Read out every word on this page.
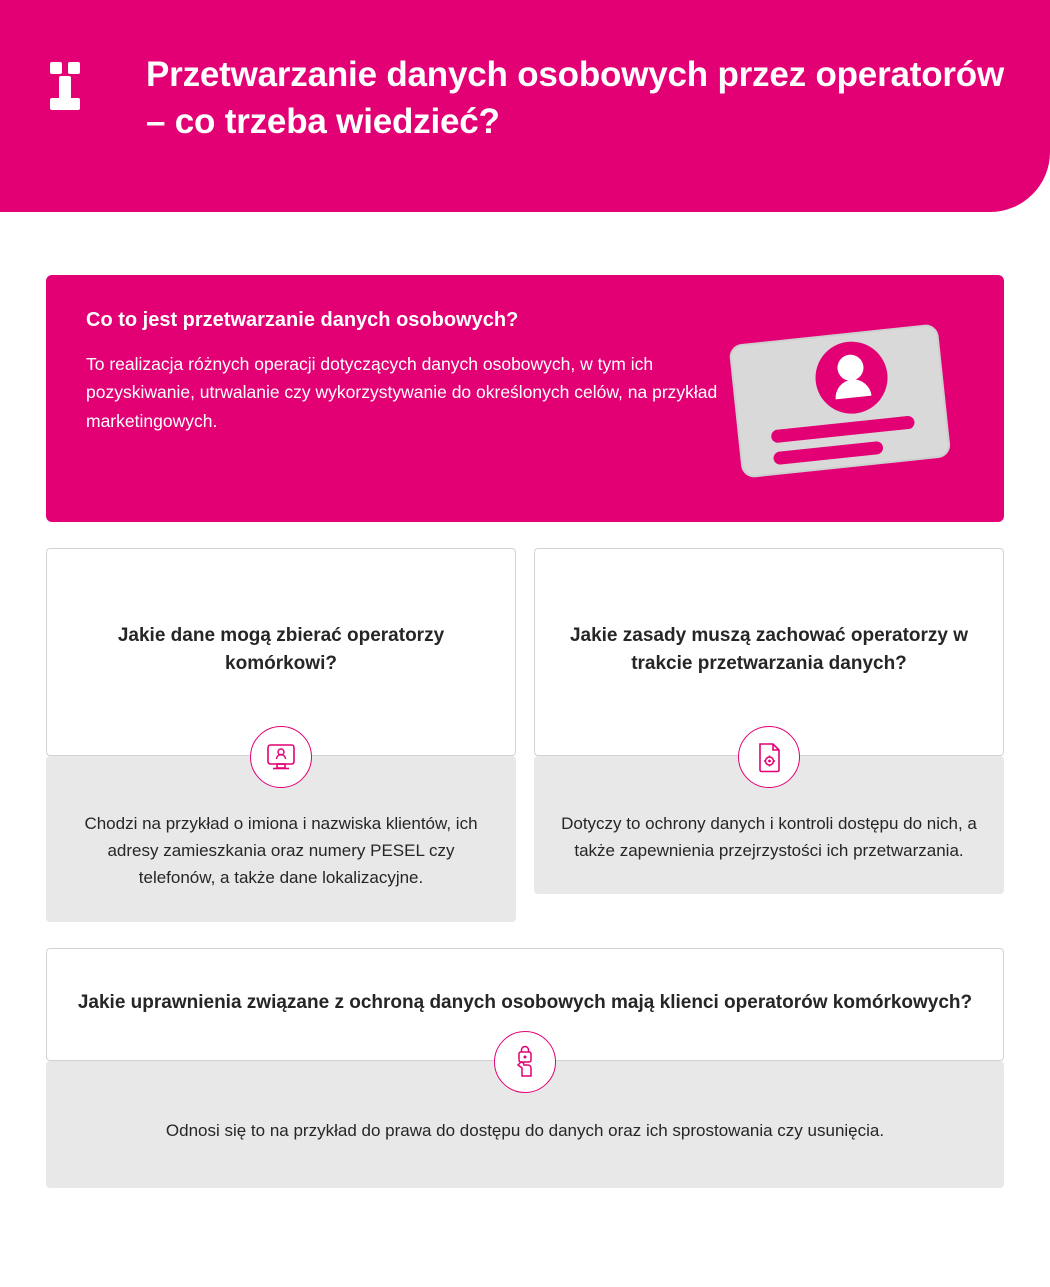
Przetwarzanie danych osobowych przez operatorów – co trzeba wiedzieć?
Co to jest przetwarzanie danych osobowych?
To realizacja różnych operacji dotyczących danych osobowych, w tym ich pozyskiwanie, utrwalanie czy wykorzystywanie do określonych celów, na przykład marketingowych.
Jakie dane mogą zbierać operatorzy komórkowi?
Chodzi na przykład o imiona i nazwiska klientów, ich adresy zamieszkania oraz numery PESEL czy telefonów, a także dane lokalizacyjne.
Jakie zasady muszą zachować operatorzy w trakcie przetwarzania danych?
Dotyczy to ochrony danych i kontroli dostępu do nich, a także zapewnienia przejrzystości ich przetwarzania.
Jakie uprawnienia związane z ochroną danych osobowych mają klienci operatorów komórkowych?
Odnosi się to na przykład do prawa do dostępu do danych oraz ich sprostowania czy usunięcia.
